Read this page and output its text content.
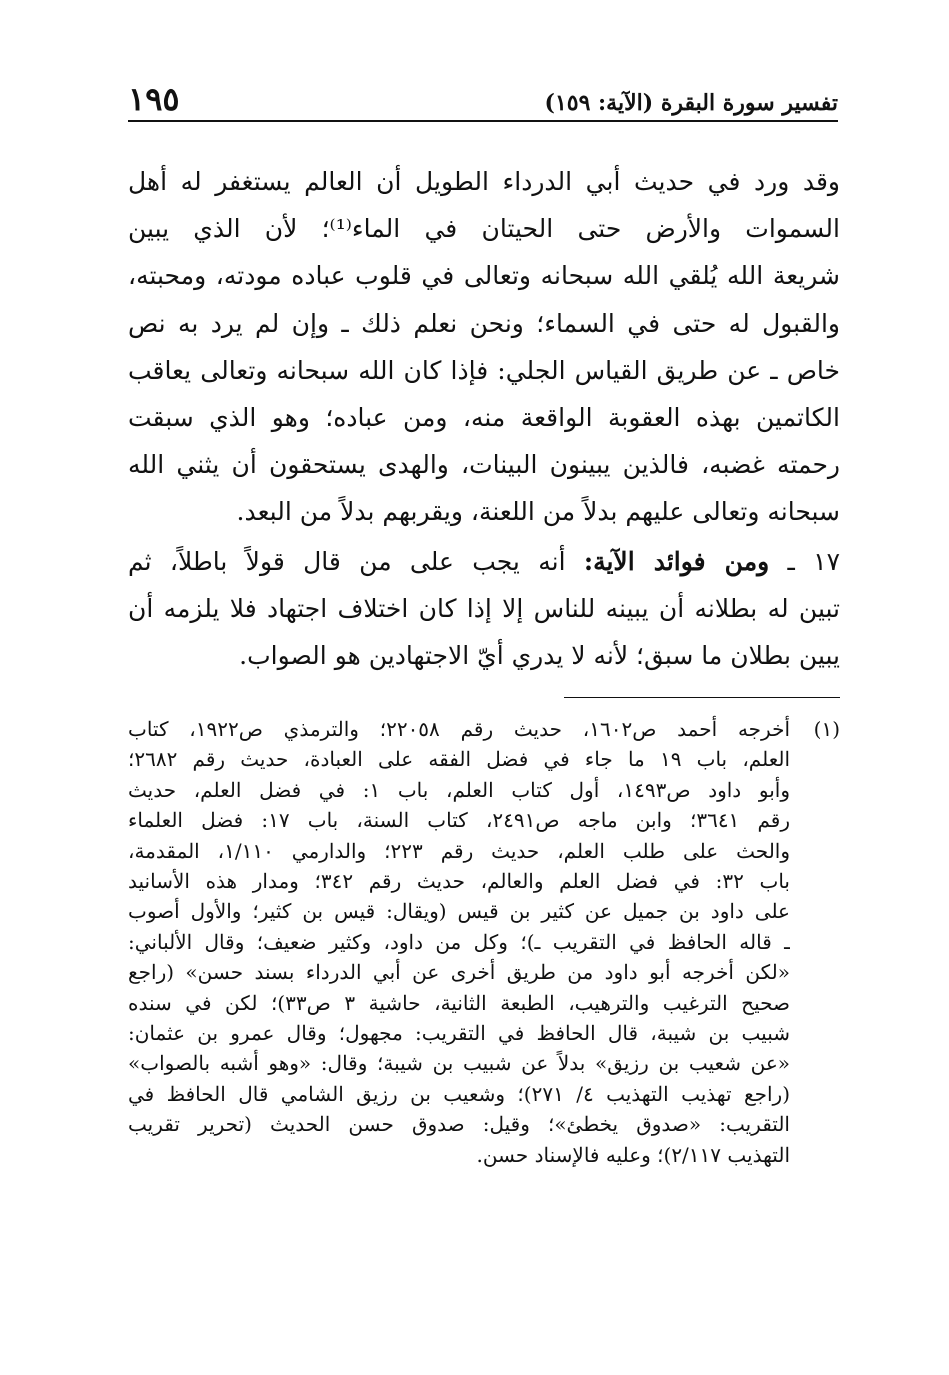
تفسير سورة البقرة (الآية: ١٥٩)
١٩٥
وقد ورد في حديث أبي الدرداء الطويل أن العالم يستغفر له أهل
السموات والأرض حتى الحيتان في الماء⁽¹⁾؛ لأن الذي يبين
شريعة الله يُلقي الله سبحانه وتعالى في قلوب عباده مودته، ومحبته،
والقبول له حتى في السماء؛ ونحن نعلم ذلك ـ وإن لم يرد به نص
خاص ـ عن طريق القياس الجلي: فإذا كان الله سبحانه وتعالى يعاقب
الكاتمين بهذه العقوبة الواقعة منه، ومن عباده؛ وهو الذي سبقت
رحمته غضبه، فالذين يبينون البينات، والهدى يستحقون أن يثني الله
سبحانه وتعالى عليهم بدلاً من اللعنة، ويقربهم بدلاً من البعد.
١٧ ـ ومن فوائد الآية: أنه يجب على من قال قولاً باطلاً، ثم
تبين له بطلانه أن يبينه للناس إلا إذا كان اختلاف اجتهاد فلا يلزمه أن
يبين بطلان ما سبق؛ لأنه لا يدري أيّ الاجتهادين هو الصواب.
(١)
أخرجه أحمد ص١٦٠٢، حديث رقم ٢٢٠٥٨؛ والترمذي ص١٩٢٢، كتاب
العلم، باب ١٩ ما جاء في فضل الفقه على العبادة، حديث رقم ٢٦٨٢؛
وأبو داود ص١٤٩٣، أول كتاب العلم، باب ١: في فضل العلم، حديث
رقم ٣٦٤١؛ وابن ماجه ص٢٤٩١، كتاب السنة، باب ١٧: فضل العلماء
والحث على طلب العلم، حديث رقم ٢٢٣؛ والدارمي ١/١١٠، المقدمة،
باب ٣٢: في فضل العلم والعالم، حديث رقم ٣٤٢؛ ومدار هذه الأسانيد
على داود بن جميل عن كثير بن قيس (ويقال: قيس بن كثير؛ والأول أصوب
ـ قاله الحافظ في التقريب ـ)؛ وكل من داود، وكثير ضعيف؛ وقال الألباني:
«لكن أخرجه أبو داود من طريق أخرى عن أبي الدرداء بسند حسن» (راجع
صحيح الترغيب والترهيب، الطبعة الثانية، حاشية ٣ ص٣٣)؛ لكن في سنده
شبيب بن شيبة، قال الحافظ في التقريب: مجهول؛ وقال عمرو بن عثمان:
«عن شعيب بن رزيق» بدلاً عن شبيب بن شيبة؛ وقال: «وهو أشبه بالصواب»
(راجع تهذيب التهذيب ٤/ ٢٧١)؛ وشعيب بن رزيق الشامي قال الحافظ في
التقريب: «صدوق يخطئ»؛ وقيل: صدوق حسن الحديث (تحرير تقريب
التهذيب ٢/١١٧)؛ وعليه فالإسناد حسن.
